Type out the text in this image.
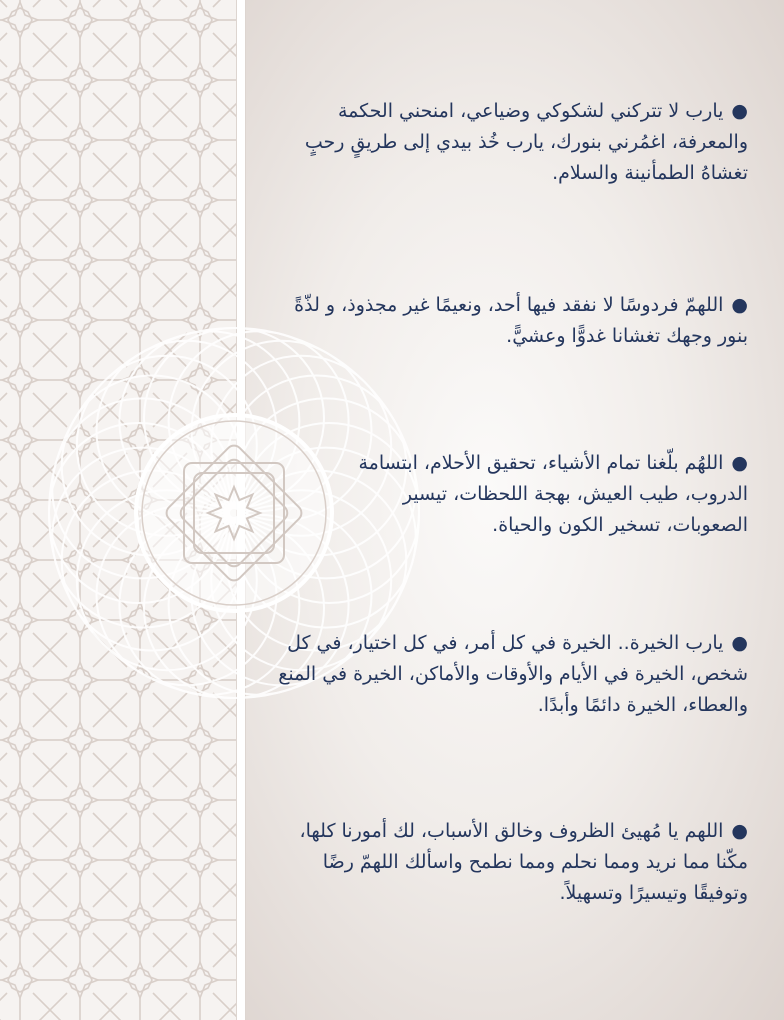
●يارب لا تتركني لشكوكي وضياعي، امنحني الحكمة والمعرفة، اغمُرني بنورك، يارب خُذ بيدي إلى طريقٍ رحبٍ تغشاهُ الطمأنينة والسلام.

●اللهمّ فردوسًا لا نفقد فيها أحد، ونعيمًا غير مجذوذ، و لذّةً بنور وجهك تغشانا غدوًّا وعشيًّ.

●اللهُم بلّغنا تمام الأشياء، تحقيق الأحلام، ابتسامة الدروب، طيب العيش، بهجة اللحظات، تيسير الصعوبات، تسخير الكون والحياة.

●يارب الخيرة.. الخيرة في كل أمر، في كل اختيار، في كل شخص، الخيرة في الأيام والأوقات والأماكن، الخيرة في المنع والعطاء، الخيرة دائمًا وأبدًا.

●اللهم يا مُهيئ الظروف وخالق الأسباب، لك أمورنا كلها، مكّنا مما نريد ومما نحلم ومما نطمح واسألك اللهمّ رضًا وتوفيقًا وتيسيرًا وتسهيلاً.
